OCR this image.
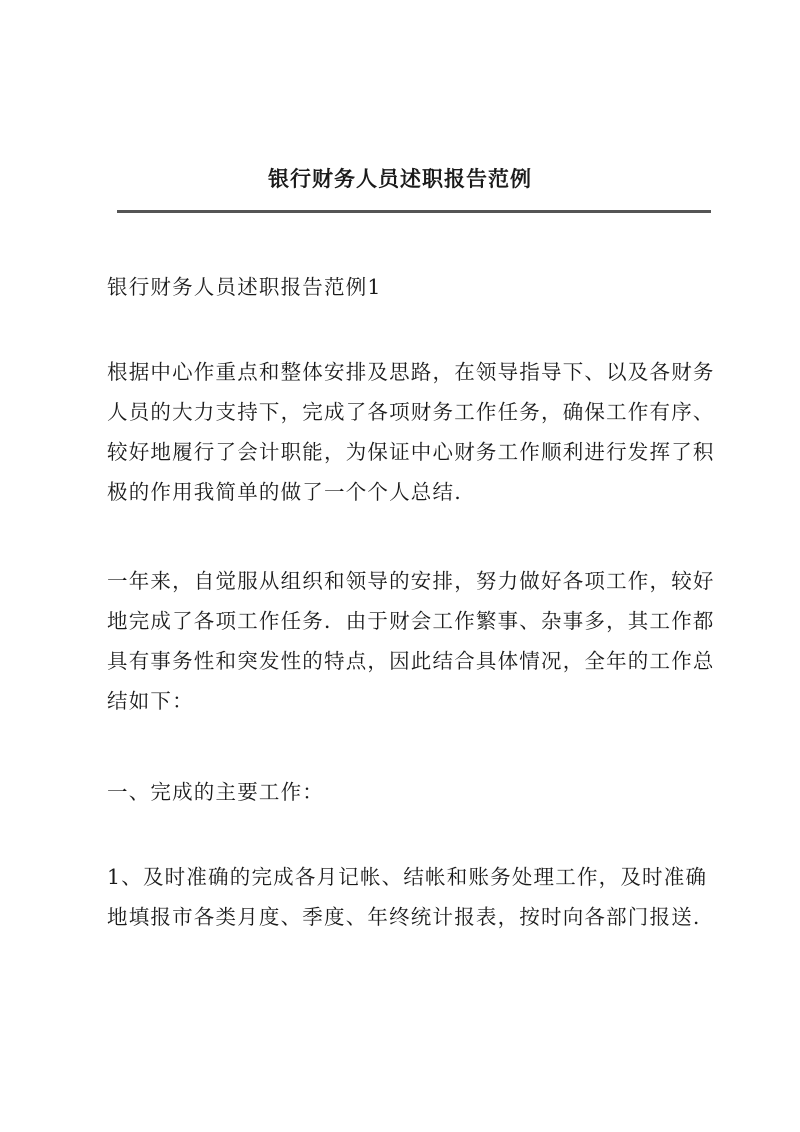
银行财务人员述职报告范例
银行财务人员述职报告范例1
根据中心作重点和整体安排及思路，在领导指导下、以及各财务
人员的大力支持下，完成了各项财务工作任务，确保工作有序、
较好地履行了会计职能，为保证中心财务工作顺利进行发挥了积
极的作用我简单的做了一个个人总结.
一年来，自觉服从组织和领导的安排，努力做好各项工作，较好
地完成了各项工作任务．由于财会工作繁事、杂事多，其工作都
具有事务性和突发性的特点，因此结合具体情况，全年的工作总
结如下：
一、完成的主要工作：
1、及时准确的完成各月记帐、结帐和账务处理工作，及时准确
地填报市各类月度、季度、年终统计报表，按时向各部门报送.
